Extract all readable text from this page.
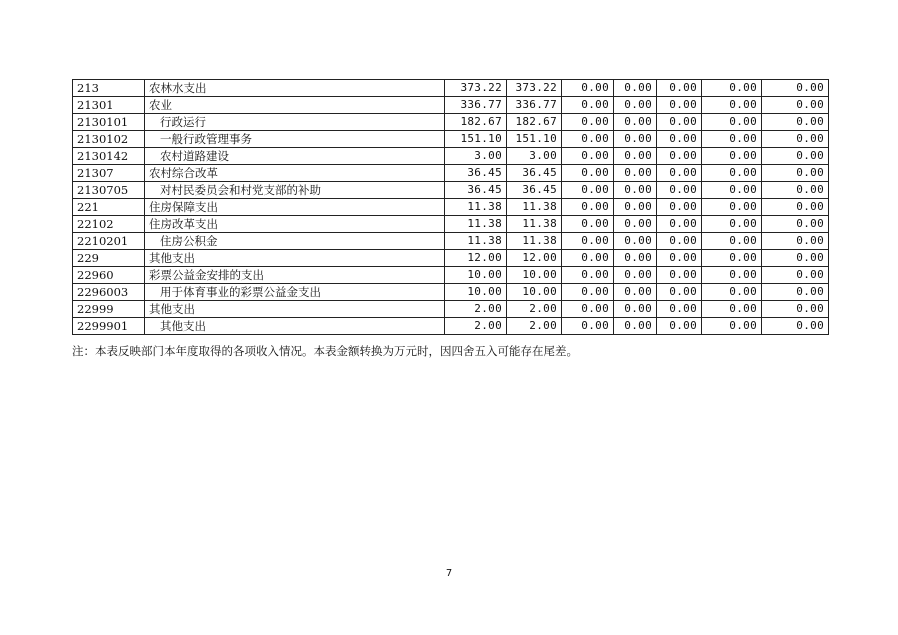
213	农林水支出	373.22	373.22	0.00	0.00	0.00	0.00	0.00
21301	农业	336.77	336.77	0.00	0.00	0.00	0.00	0.00
2130101	行政运行	182.67	182.67	0.00	0.00	0.00	0.00	0.00
2130102	一般行政管理事务	151.10	151.10	0.00	0.00	0.00	0.00	0.00
2130142	农村道路建设	3.00	3.00	0.00	0.00	0.00	0.00	0.00
21307	农村综合改革	36.45	36.45	0.00	0.00	0.00	0.00	0.00
2130705	对村民委员会和村党支部的补助	36.45	36.45	0.00	0.00	0.00	0.00	0.00
221	住房保障支出	11.38	11.38	0.00	0.00	0.00	0.00	0.00
22102	住房改革支出	11.38	11.38	0.00	0.00	0.00	0.00	0.00
2210201	住房公积金	11.38	11.38	0.00	0.00	0.00	0.00	0.00
229	其他支出	12.00	12.00	0.00	0.00	0.00	0.00	0.00
22960	彩票公益金安排的支出	10.00	10.00	0.00	0.00	0.00	0.00	0.00
2296003	用于体育事业的彩票公益金支出	10.00	10.00	0.00	0.00	0.00	0.00	0.00
22999	其他支出	2.00	2.00	0.00	0.00	0.00	0.00	0.00
2299901	其他支出	2.00	2.00	0.00	0.00	0.00	0.00	0.00
注：本表反映部门本年度取得的各项收入情况。本表金额转换为万元时，因四舍五入可能存在尾差。
7
